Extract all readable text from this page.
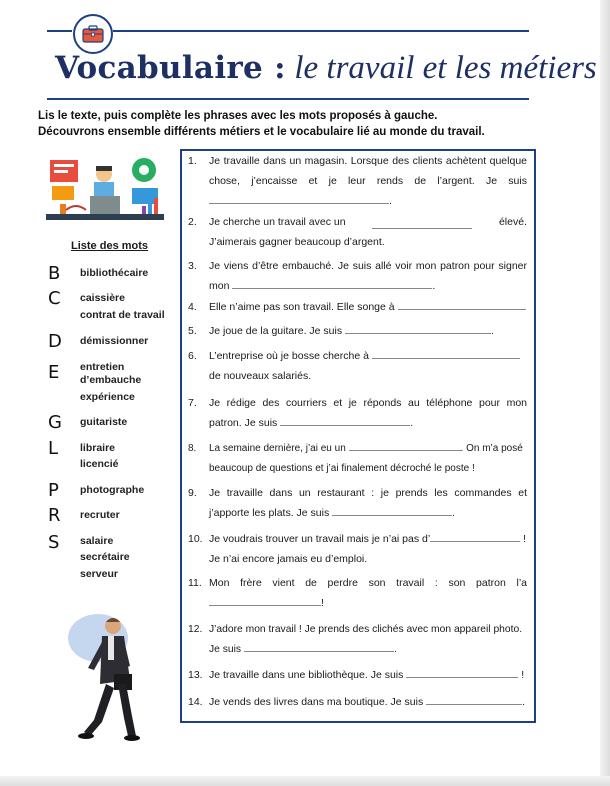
Vocabulaire : le travail et les métiers
Lis le texte, puis complète les phrases avec les mots proposés à gauche.
Découvrons ensemble différents métiers et le vocabulaire lié au monde du travail.
Liste des mots
B	bibliothécaire
C	caissière
contrat de travail
D	démissionner
E	entretien
d’embauche
expérience
G	guitariste
L	libraire
licencié
P	photographe
R	recruter
S	salaire
secrétaire
serveur
1. Je travaille dans un magasin. Lorsque des clients achètent quelque
chose, j’encaisse et je leur rends de l’argent. Je suis
.
2. Je cherche un travail avec un	élevé.
J’aimerais gagner beaucoup d’argent.
3. Je viens d’être embauché. Je suis allé voir mon patron pour signer
mon	.
4. Elle n’aime pas son travail. Elle songe à	.
5. Je joue de la guitare. Je suis	.
6. L’entreprise où je bosse cherche à
de nouveaux salariés.
7. Je rédige des courriers et je réponds au téléphone pour mon
patron. Je suis	.
8. La semaine dernière, j’ai eu un	. On m’a posé
beaucoup de questions et j’ai finalement décroché le poste !
9. Je travaille dans un restaurant : je prends les commandes et
j’apporte les plats. Je suis	.
10. Je voudrais trouver un travail mais je n’ai pas d’	!
Je n’ai encore jamais eu d’emploi.
11. Mon frère vient de perdre son travail : son patron l’a
!
12. J’adore mon travail ! Je prends des clichés avec mon appareil photo.
Je suis	.
13. Je travaille dans une bibliothèque. Je suis	!
14. Je vends des livres dans ma boutique. Je suis	.
